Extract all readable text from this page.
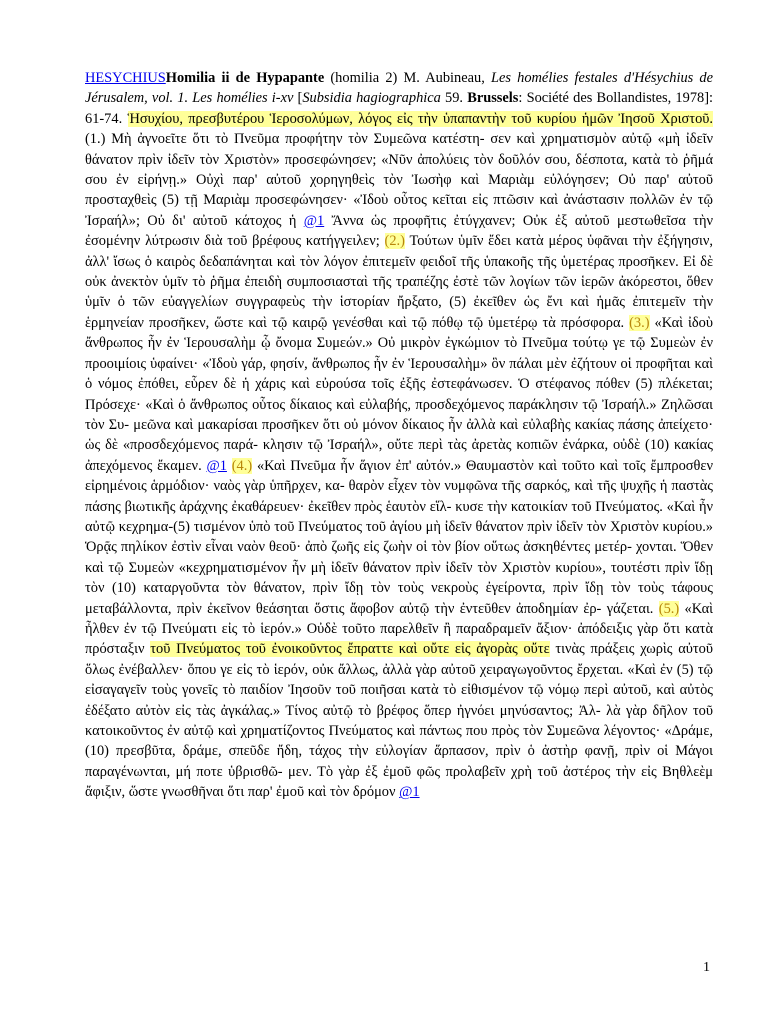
HESYCHIUSHomilia ii de Hypapante (homilia 2) M. Aubineau, Les homélies festales d'Hésychius de Jérusalem, vol. 1. Les homélies i-xv [Subsidia hagiographica 59. Brussels: Société des Bollandistes, 1978]: 61-74. Ἡσυχίου, πρεσβυτέρου Ἱεροσολύμων, λόγος εἰς τὴν ὑπαπαντὴν τοῦ κυρίου ἡμῶν Ἰησοῦ Χριστοῦ. (1.) Μὴ ἀγνοεῖτε ὅτι τὸ Πνεῦμα προφήτην τὸν Συμεῶνα κατέστη- σεν καὶ χρηματισμὸν αὐτῷ «μὴ ἰδεῖν θάνατον πρὶν ἰδεῖν τὸν Χριστὸν» προσεφώνησεν; «Νῦν ἀπολύεις τὸν δοῦλόν σου, δέσποτα, κατὰ τὸ ῥῆμά σου ἐν εἰρήνῃ.» Οὐχὶ παρ' αὐτοῦ χορηγηθεὶς τὸν Ἰωσὴφ καὶ Μαριὰμ εὐλόγησεν; Οὐ παρ' αὐτοῦ προσταχθεὶς (5) τῇ Μαριὰμ προσεφώνησεν· «Ἰδοὺ οὗτος κεῖται εἰς πτῶσιν καὶ ἀνάστασιν πολλῶν ἐν τῷ Ἰσραήλ»; Οὐ δι' αὐτοῦ κάτοχος ἡ @1 Ἄννα ὡς προφῆτις ἐτύγχανεν; Οὐκ ἐξ αὐτοῦ μεστωθεῖσα τὴν ἐσομένην λύτρωσιν διὰ τοῦ βρέφους κατήγγειλεν; (2.) Τούτων ὑμῖν ἔδει κατὰ μέρος ὑφᾶναι τὴν ἐξήγησιν, ἀλλ' ἴσως ὁ καιρὸς δεδαπάνηται καὶ τὸν λόγον ἐπιτεμεῖν φειδοῖ τῆς ὑπακοῆς τῆς ὑμετέρας προσῆκεν. Εἰ δὲ οὐκ ἀνεκτὸν ὑμῖν τὸ ῥῆμα ἐπειδὴ συμποσιασταὶ τῆς τραπέζης ἐστὲ τῶν λογίων τῶν ἱερῶν ἀκόρεστοι, ὅθεν ὑμῖν ὁ τῶν εὐαγγελίων συγγραφεὺς τὴν ἱστορίαν ἤρξατο, (5) ἐκεῖθεν ὡς ἔνι καὶ ἡμᾶς ἐπιτεμεῖν τὴν ἑρμηνείαν προσῆκεν, ὥστε καὶ τῷ καιρῷ γενέσθαι καὶ τῷ πόθῳ τῷ ὑμετέρῳ τὰ πρόσφορα. (3.) «Καὶ ἰδοὺ ἄνθρωπος ἦν ἐν Ἱερουσαλὴμ ᾧ ὄνομα Συμεών.» Οὐ μικρὸν ἐγκώμιον τὸ Πνεῦμα τούτῳ γε τῷ Συμεὼν ἐν προοιμίοις ὑφαίνει· «Ἰδοὺ γάρ, φησίν, ἄνθρωπος ἦν ἐν Ἱερουσαλὴμ» ὃν πάλαι μὲν ἐζήτουν οἱ προφῆται καὶ ὁ νόμος ἐπόθει, εὗρεν δὲ ἡ χάρις καὶ εὐρούσα τοῖς ἐξῆς ἐστεφάνωσεν. Ὁ στέφανος πόθεν (5) πλέκεται; Πρόσεχε· «Καὶ ὁ ἄνθρωπος οὗτος δίκαιος καὶ εὐλαβής, προσδεχόμενος παράκλησιν τῷ Ἰσραήλ.» Ζηλῶσαι τὸν Συ- μεῶνα καὶ μακαρίσαι προσῆκεν ὅτι οὐ μόνον δίκαιος ἦν ἀλλὰ καὶ εὐλαβὴς κακίας πάσης ἀπείχετο· ὡς δὲ «προσδεχόμενος παρά- κλησιν τῷ Ἰσραήλ», οὔτε περὶ τὰς ἀρετὰς κοπιῶν ἐνάρκα, οὐδὲ (10) κακίας ἀπεχόμενος ἔκαμεν. @1 (4.) «Καὶ Πνεῦμα ἦν ἅγιον ἐπ' αὐτόν.» Θαυμαστὸν καὶ τοῦτο καὶ τοῖς ἔμπροσθεν εἰρημένοις ἁρμόδιον· ναὸς γὰρ ὑπῆρχεν, κα- θαρὸν εἶχεν τὸν νυμφῶνα τῆς σαρκός, καὶ τῆς ψυχῆς ἡ παστὰς πάσης βιωτικῆς ἀράχνης ἐκαθάρευεν· ἐκεῖθεν πρὸς ἑαυτὸν εἵλ- κυσε τὴν κατοικίαν τοῦ Πνεύματος. «Καὶ ἦν αὐτῷ κεχρημα-(5) τισμένον ὑπὸ τοῦ Πνεύματος τοῦ ἁγίου μὴ ἰδεῖν θάνατον πρὶν ἰδεῖν τὸν Χριστὸν κυρίου.» Ὁρᾷς πηλίκον ἐστὶν εἶναι ναὸν θεοῦ· ἀπὸ ζωῆς εἰς ζωὴν οἱ τὸν βίον οὕτως ἀσκηθέντες μετέρ- χονται. Ὅθεν καὶ τῷ Συμεὼν «κεχρηματισμένον ἦν μὴ ἰδεῖν θάνατον πρὶν ἰδεῖν τὸν Χριστὸν κυρίου», τουτέστι πρὶν ἴδῃ τὸν (10) καταργοῦντα τὸν θάνατον, πρὶν ἴδῃ τὸν τοὺς νεκροὺς ἐγείροντα, πρὶν ἴδῃ τὸν τοὺς τάφους μεταβάλλοντα, πρὶν ἐκεῖνον θεάσηται ὅστις ἄφοβον αὐτῷ τὴν ἐντεῦθεν ἀποδημίαν ἐρ- γάζεται. (5.) «Καὶ ἦλθεν ἐν τῷ Πνεύματι εἰς τὸ ἱερόν.» Οὐδὲ τοῦτο παρελθεῖν ἢ παραδραμεῖν ἄξιον· ἀπόδειξις γὰρ ὅτι κατὰ πρόσταξιν τοῦ Πνεύματος τοῦ ἐνοικοῦντος ἔπραττε καὶ οὔτε εἰς ἀγορὰς οὔτε τινὰς πράξεις χωρὶς αὐτοῦ ὅλως ἐνέβαλλεν· ὅπου γε εἰς τὸ ἱερόν, οὐκ ἄλλως, ἀλλὰ γὰρ αὐτοῦ χειραγωγοῦντος ἔρχεται. «Καὶ ἐν (5) τῷ εἰσαγαγεῖν τοὺς γονεῖς τὸ παιδίον Ἰησοῦν τοῦ ποιῆσαι κατὰ τὸ εἰθισμένον τῷ νόμῳ περὶ αὐτοῦ, καὶ αὐτὸς ἐδέξατο αὐτὸν εἰς τὰς ἀγκάλας.» Τίνος αὐτῷ τὸ βρέφος ὅπερ ἠγνόει μηνύσαντος; Ἀλ- λὰ γὰρ δῆλον τοῦ κατοικοῦντος ἐν αὐτῷ καὶ χρηματίζοντος Πνεύματος καὶ πάντως που πρὸς τὸν Συμεῶνα λέγοντος· «Δράμε, (10) πρεσβῦτα, δράμε, σπεῦδε ἤδη, τάχος τὴν εὐλογίαν ἅρπασον, πρὶν ὁ ἀστὴρ φανῇ, πρὶν οἱ Μάγοι παραγένωνται, μή ποτε ὑβρισθῶ- μεν. Τὸ γὰρ ἐξ ἐμοῦ φῶς προλαβεῖν χρὴ τοῦ ἀστέρος τὴν εἰς Βηθλεὲμ ἄφιξιν, ὥστε γνωσθῆναι ὅτι παρ' ἐμοῦ καὶ τὸν δρόμον @1

1
